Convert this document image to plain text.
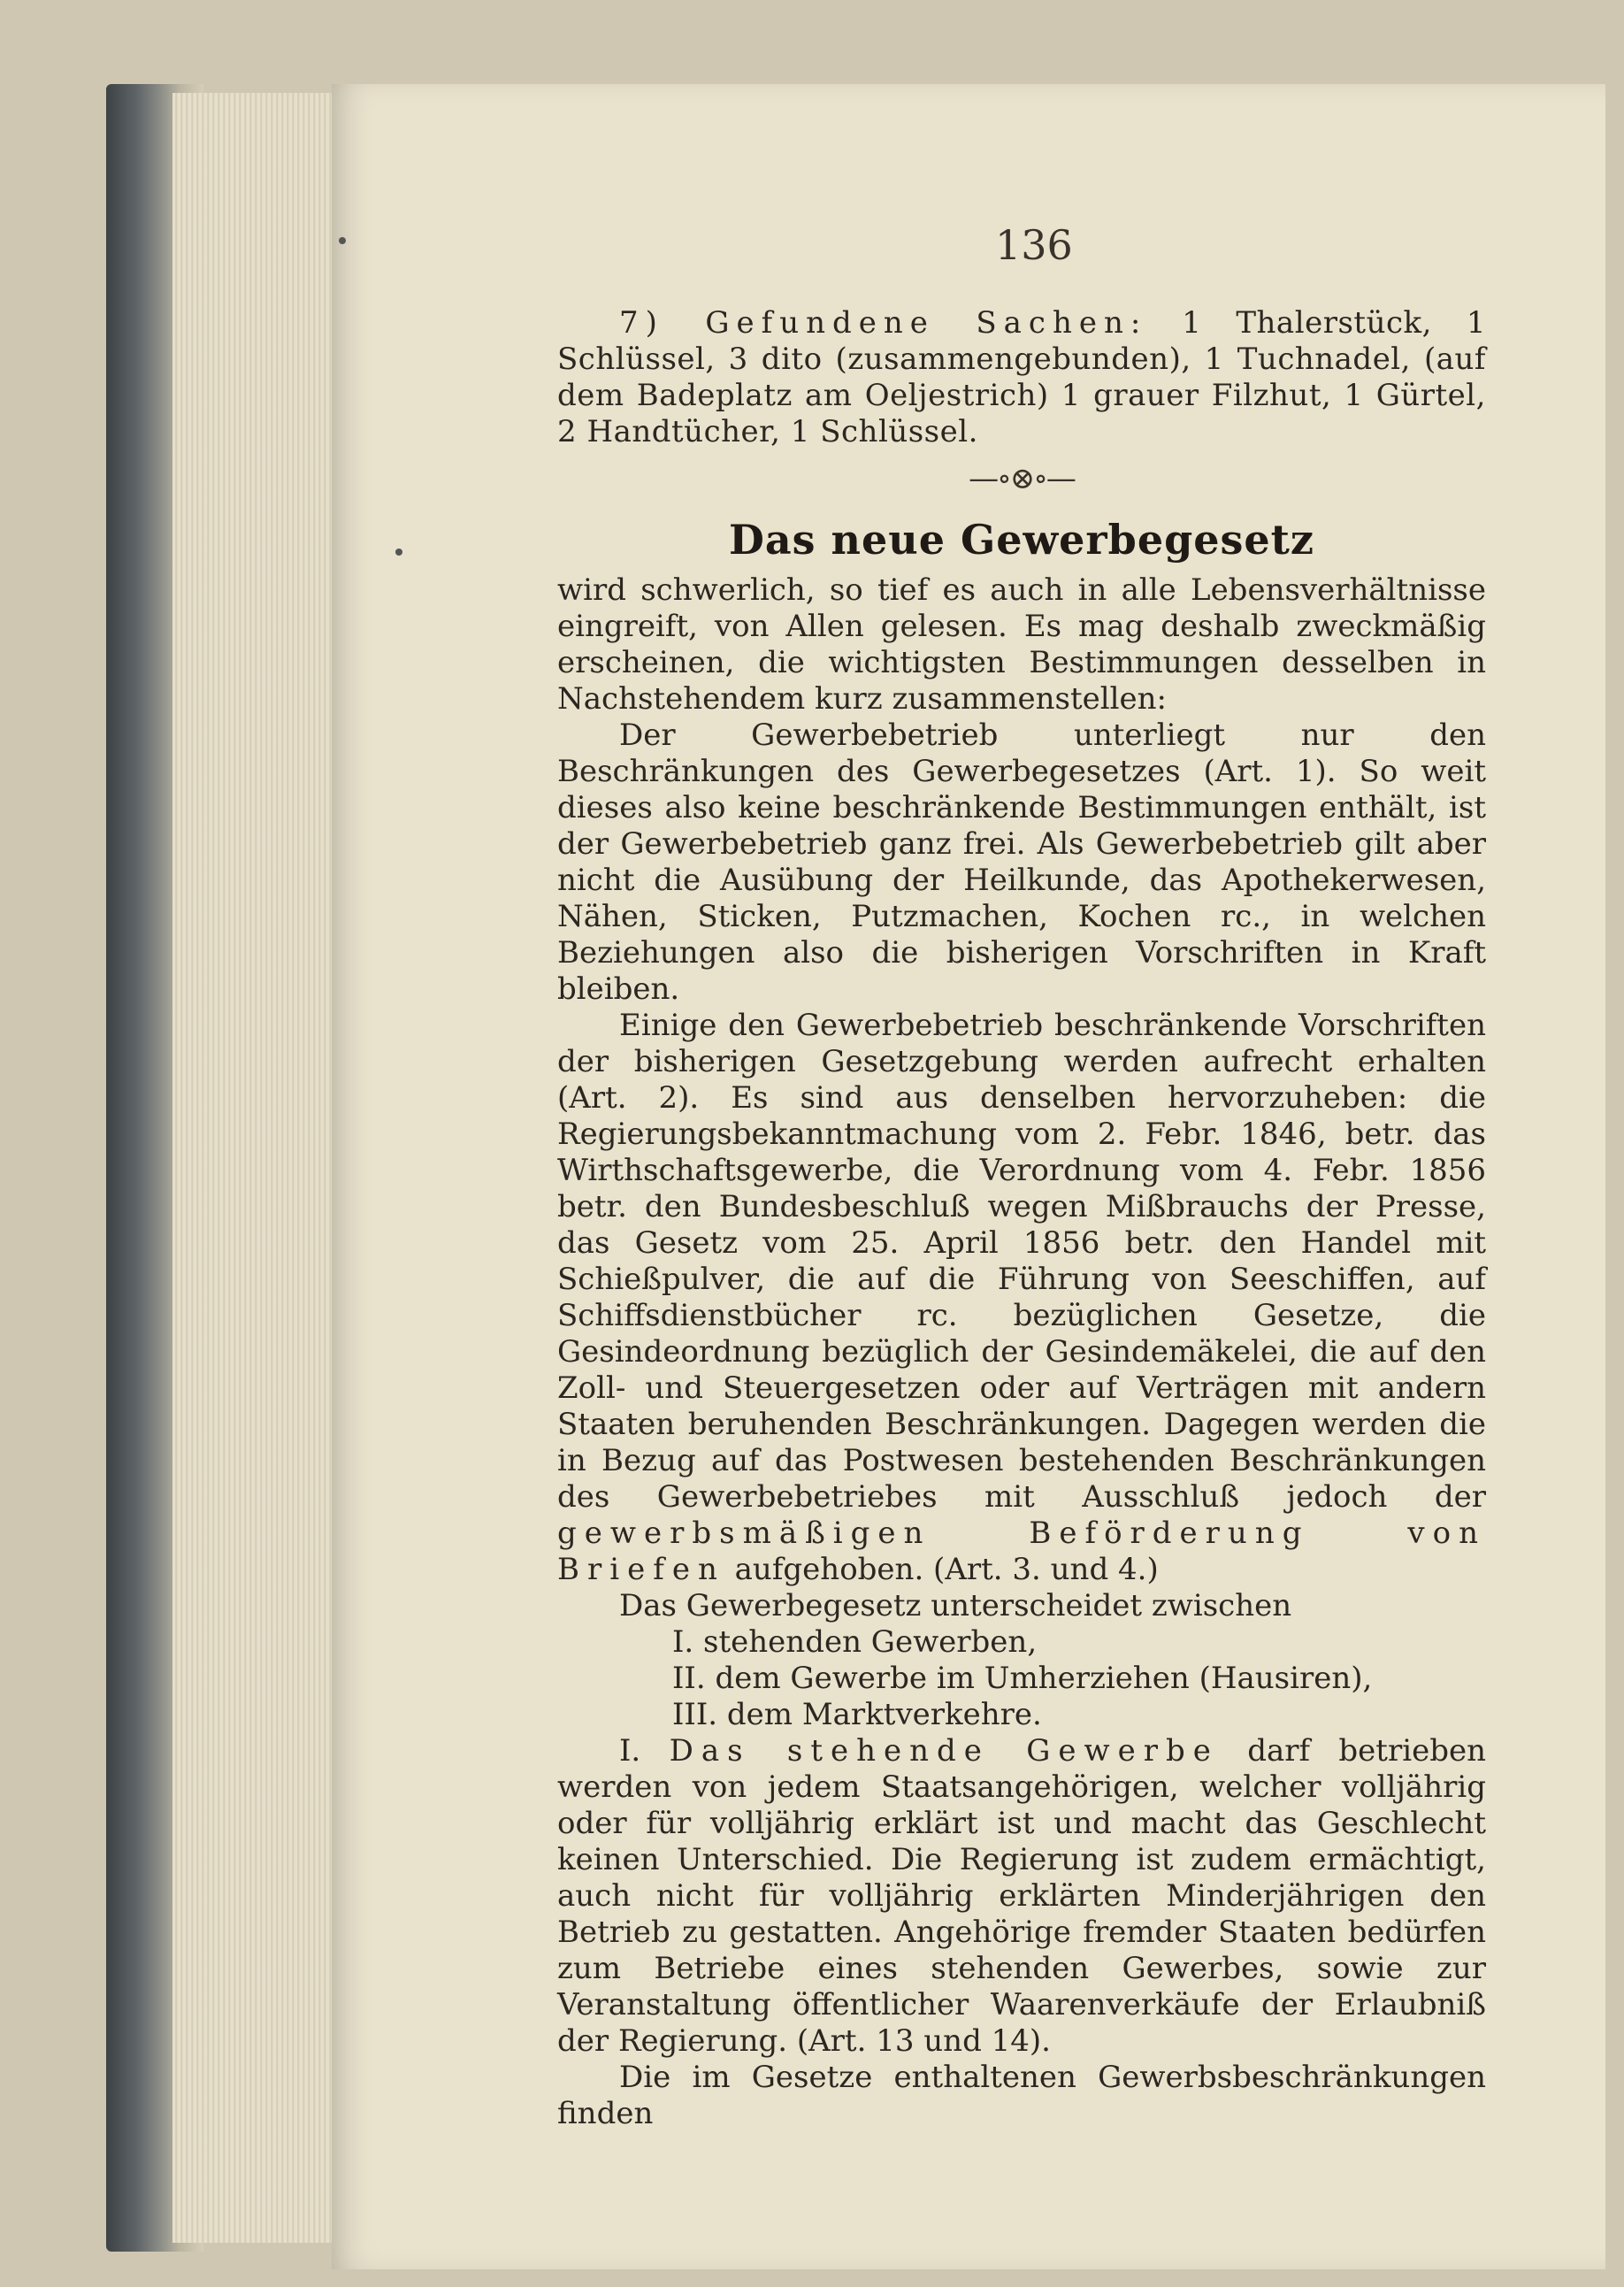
136

7) Gefundene Sachen: 1 Thalerstück, 1 Schlüssel, 3 dito (zusammengebunden), 1 Tuchnadel, (auf dem Badeplatz am Oeljestrich) 1 grauer Filzhut, 1 Gürtel, 2 Handtücher, 1 Schlüssel.

—∘⊗∘—
Das neue Gewerbegesetz

wird schwerlich, so tief es auch in alle Lebensverhältnisse eingreift, von Allen gelesen. Es mag deshalb zweckmäßig erscheinen, die wichtigsten Bestimmungen desselben in Nachstehendem kurz zusammenstellen:

Der Gewerbebetrieb unterliegt nur den Beschränkungen des Gewerbegesetzes (Art. 1). So weit dieses also keine beschränkende Bestimmungen enthält, ist der Gewerbebetrieb ganz frei. Als Gewerbebetrieb gilt aber nicht die Ausübung der Heilkunde, das Apothekerwesen, Nähen, Sticken, Putzmachen, Kochen rc., in welchen Beziehungen also die bisherigen Vorschriften in Kraft bleiben.

Einige den Gewerbebetrieb beschränkende Vorschriften der bisherigen Gesetzgebung werden aufrecht erhalten (Art. 2). Es sind aus denselben hervorzuheben: die Regierungsbekanntmachung vom 2. Febr. 1846, betr. das Wirthschaftsgewerbe, die Verordnung vom 4. Febr. 1856 betr. den Bundesbeschluß wegen Mißbrauchs der Presse, das Gesetz vom 25. April 1856 betr. den Handel mit Schießpulver, die auf die Führung von Seeschiffen, auf Schiffsdienstbücher rc. bezüglichen Gesetze, die Gesindeordnung bezüglich der Gesindemäkelei, die auf den Zoll- und Steuergesetzen oder auf Verträgen mit andern Staaten beruhenden Beschränkungen. Dagegen werden die in Bezug auf das Postwesen bestehenden Beschränkungen des Gewerbebetriebes mit Ausschluß jedoch der gewerbsmäßigen Beförderung von Briefen aufgehoben. (Art. 3. und 4.)

Das Gewerbegesetz unterscheidet zwischen

I. stehenden Gewerben,
II. dem Gewerbe im Umherziehen (Hausiren),
III. dem Marktverkehre.

I. Das stehende Gewerbe darf betrieben werden von jedem Staatsangehörigen, welcher volljährig oder für volljährig erklärt ist und macht das Geschlecht keinen Unterschied. Die Regierung ist zudem ermächtigt, auch nicht für volljährig erklärten Minderjährigen den Betrieb zu gestatten. Angehörige fremder Staaten bedürfen zum Betriebe eines stehenden Gewerbes, sowie zur Veranstaltung öffentlicher Waarenverkäufe der Erlaubniß der Regierung. (Art. 13 und 14).

Die im Gesetze enthaltenen Gewerbsbeschränkungen finden
